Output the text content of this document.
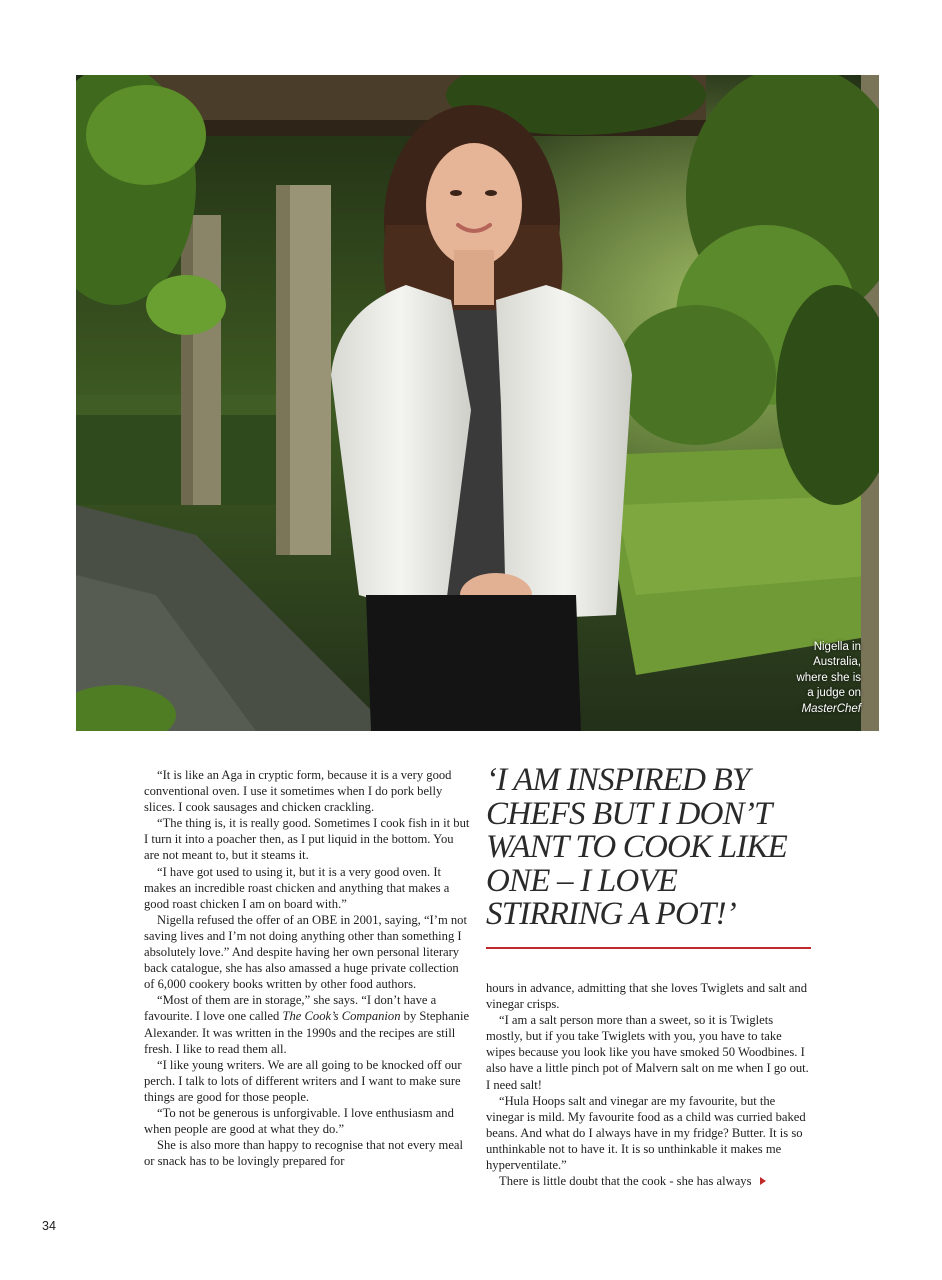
Nigella in
Australia,
where she is
a judge on
MasterChef

“It is like an Aga in cryptic form, because it is a very good conventional oven. I use it sometimes when I do pork belly slices. I cook sausages and chicken crackling.

“The thing is, it is really good. Sometimes I cook fish in it but I turn it into a poacher then, as I put liquid in the bottom. You are not meant to, but it steams it.

“I have got used to using it, but it is a very good oven. It makes an incredible roast chicken and anything that makes a good roast chicken I am on board with.”

Nigella refused the offer of an OBE in 2001, saying, “I’m not saving lives and I’m not doing anything other than something I absolutely love.” And despite having her own personal literary back catalogue, she has also amassed a huge private collection of 6,000 cookery books written by other food authors.

“Most of them are in storage,” she says. “I don’t have a favourite. I love one called The Cook’s Companion by Stephanie Alexander. It was written in the 1990s and the recipes are still fresh. I like to read them all.

“I like young writers. We are all going to be knocked off our perch. I talk to lots of different writers and I want to make sure things are good for those people.

“To not be generous is unforgivable. I love enthusiasm and when people are good at what they do.”

She is also more than happy to recognise that not every meal or snack has to be lovingly prepared for

‘I AM INSPIRED BY CHEFS BUT I DON’T WANT TO COOK LIKE ONE – I LOVE STIRRING A POT!’

hours in advance, admitting that she loves Twiglets and salt and vinegar crisps.

“I am a salt person more than a sweet, so it is Twiglets mostly, but if you take Twiglets with you, you have to take wipes because you look like you have smoked 50 Woodbines. I also have a little pinch pot of Malvern salt on me when I go out. I need salt!

“Hula Hoops salt and vinegar are my favourite, but the vinegar is mild. My favourite food as a child was curried baked beans. And what do I always have in my fridge? Butter. It is so unthinkable not to have it. It is so unthinkable it makes me hyperventilate.”

There is little doubt that the cook - she has always

34
